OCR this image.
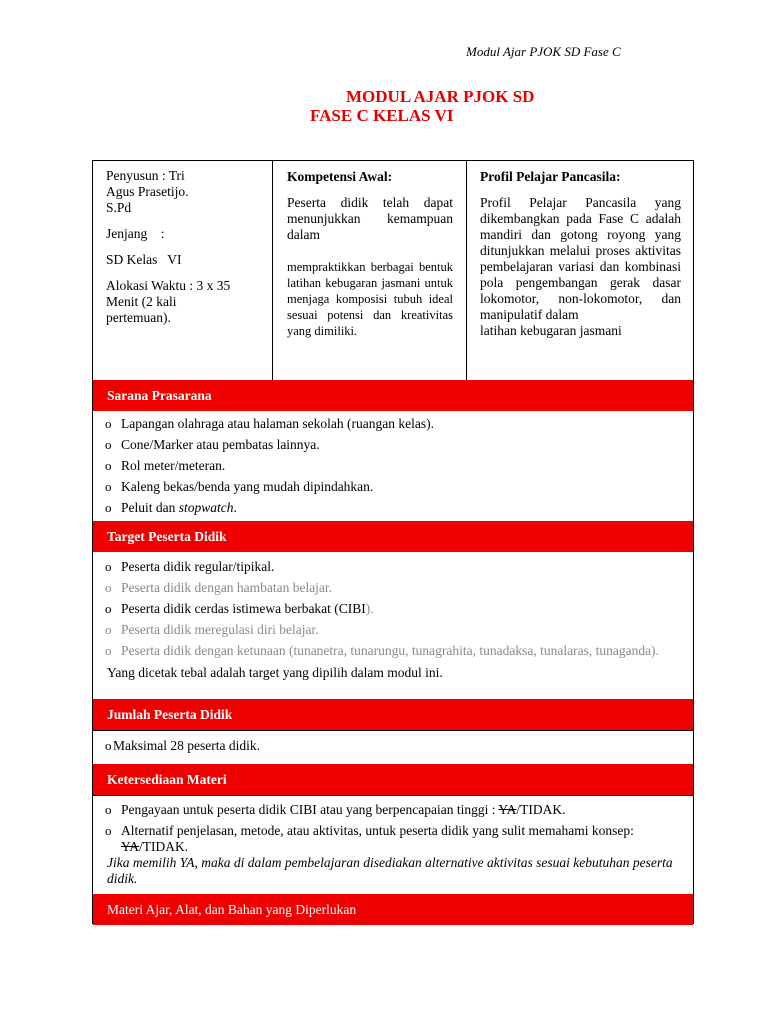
Modul Ajar PJOK SD Fase C
MODUL AJAR PJOK SD
FASE C KELAS VI

Penyusun : Tri

Agus Prasetijo.

S.Pd

Jenjang    :

SD Kelas   VI

Alokasi Waktu : 3 x 35

Menit (2 kali

pertemuan).

Kompetensi Awal:
Peserta didik telah dapat menunjukkan kemampuan dalam
mempraktikkan berbagai bentuk latihan kebugaran jasmani untuk menjaga komposisi tubuh ideal sesuai potensi dan kreativitas yang dimiliki.
Profil Pelajar Pancasila:
Profil Pelajar Pancasila yang dikembangkan pada Fase C adalah mandiri dan gotong royong yang ditunjukkan melalui proses aktivitas pembelajaran variasi dan kombinasi pola pengembangan gerak dasar lokomotor, non-lokomotor, dan manipulatif dalam
latihan kebugaran jasmani
Sarana Prasarana
o Lapangan olahraga atau halaman sekolah (ruangan kelas).
o Cone/Marker atau pembatas lainnya.
o Rol meter/meteran.
o Kaleng bekas/benda yang mudah dipindahkan.
o Peluit dan stopwatch.
Target Peserta Didik
o Peserta didik regular/tipikal.
o Peserta didik dengan hambatan belajar.
o Peserta didik cerdas istimewa berbakat (CIBI).
o Peserta didik meregulasi diri belajar.
o Peserta didik dengan ketunaan (tunanetra, tunarungu, tunagrahita, tunadaksa, tunalaras, tunaganda).
Yang dicetak tebal adalah target yang dipilih dalam modul ini.
Jumlah Peserta Didik
o Maksimal 28 peserta didik.
Ketersediaan Materi
o Pengayaan untuk peserta didik CIBI atau yang berpencapaian tinggi : YA/TIDAK.
o Alternatif penjelasan, metode, atau aktivitas, untuk peserta didik yang sulit memahami konsep: YA/TIDAK.
Jika memilih YA, maka di dalam pembelajaran disediakan alternative aktivitas sesuai kebutuhan peserta didik.
Materi Ajar, Alat, dan Bahan yang Diperlukan
